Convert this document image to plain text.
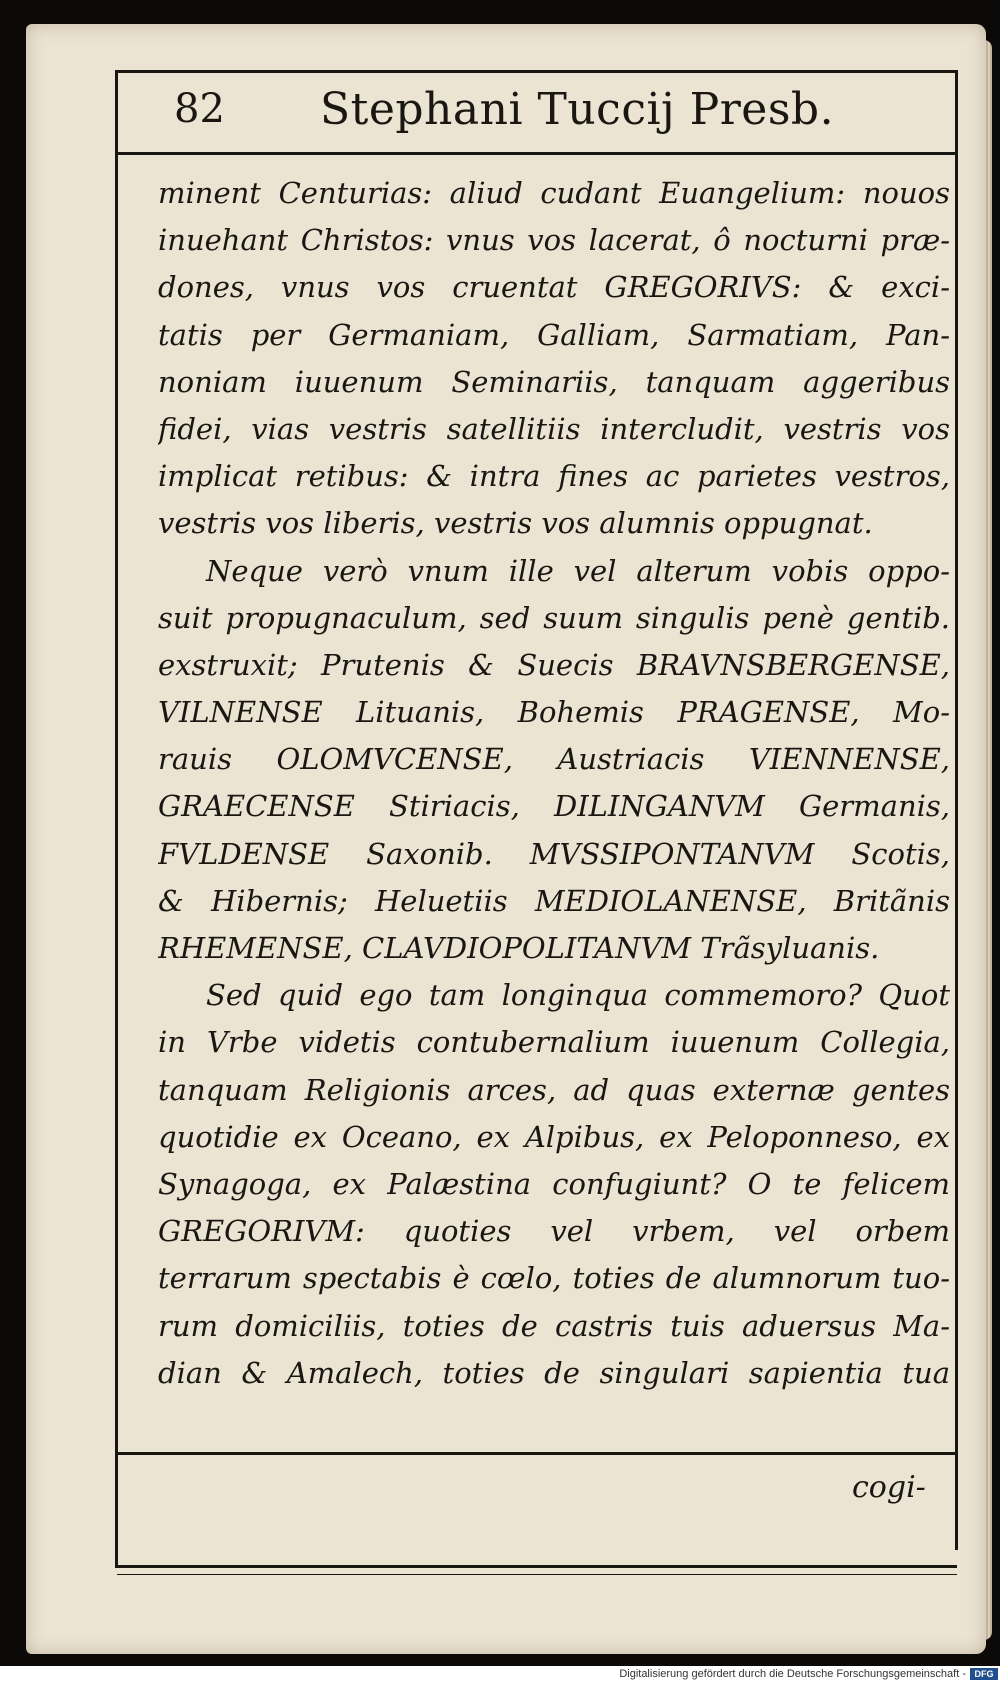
82 Stephani Tuccij Presb.
minent Centurias: aliud cudant Euangelium: nouos
inuehant Christos: vnus vos lacerat, ô nocturni præ-
dones, vnus vos cruentat GREGORIVS: & exci-
tatis per Germaniam, Galliam, Sarmatiam, Pan-
noniam iuuenum Seminariis, tanquam aggeribus
fidei, vias vestris satellitiis intercludit, vestris vos
implicat retibus: & intra fines ac parietes vestros,
vestris vos liberis, vestris vos alumnis oppugnat.
Neque verò vnum ille vel alterum vobis oppo-
suit propugnaculum, sed suum singulis penè gentib.
exstruxit; Prutenis & Suecis BRAVNSBERGENSE,
VILNENSE Lituanis, Bohemis PRAGENSE, Mo-
rauis OLOMVCENSE, Austriacis VIENNENSE,
GRAECENSE Stiriacis, DILINGANVM Germanis,
FVLDENSE Saxonib. MVSSIPONTANVM Scotis,
& Hibernis; Heluetiis MEDIOLANENSE, Britãnis
RHEMENSE, CLAVDIOPOLITANVM Trãsyluanis.
Sed quid ego tam longinqua commemoro? Quot
in Vrbe videtis contubernalium iuuenum Collegia,
tanquam Religionis arces, ad quas externæ gentes
quotidie ex Oceano, ex Alpibus, ex Peloponneso, ex
Synagoga, ex Palæstina confugiunt? O te felicem
GREGORIVM: quoties vel vrbem, vel orbem
terrarum spectabis è cœlo, toties de alumnorum tuo-
rum domiciliis, toties de castris tuis aduersus Ma-
dian & Amalech, toties de singulari sapientia tua
cogi-
Digitalisierung gefördert durch die Deutsche Forschungsgemeinschaft - DFG
